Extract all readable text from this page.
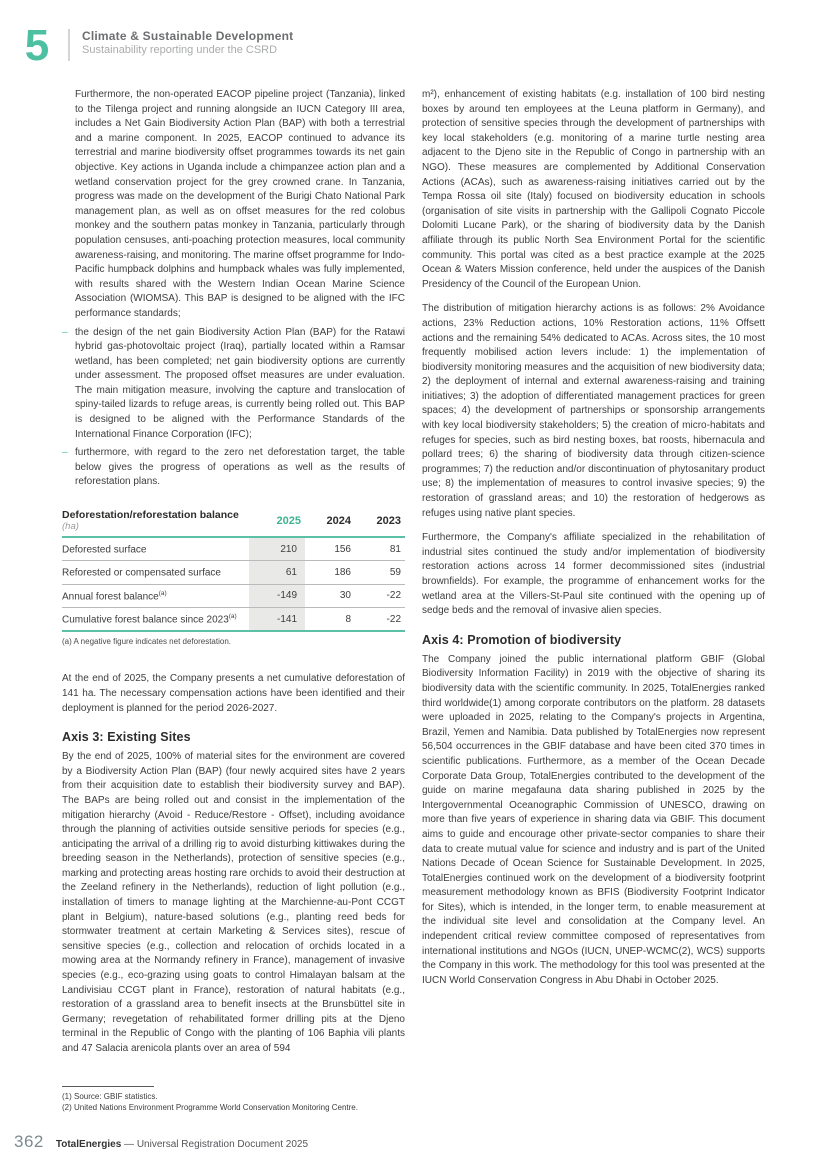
5	Climate & Sustainable Development
Sustainability reporting under the CSRD

Furthermore, the non-operated EACOP pipeline project (Tanzania), linked to the Tilenga project and running alongside an IUCN Category III area, includes a Net Gain Biodiversity Action Plan (BAP) with both a terrestrial and a marine component. In 2025, EACOP continued to advance its terrestrial and marine biodiversity offset programmes towards its net gain objective. Key actions in Uganda include a chimpanzee action plan and a wetland conservation project for the grey crowned crane. In Tanzania, progress was made on the development of the Burigi Chato National Park management plan, as well as on offset measures for the red colobus monkey and the southern patas monkey in Tanzania, particularly through population censuses, anti-poaching protection measures, local community awareness-raising, and monitoring. The marine offset programme for Indo-Pacific humpback dolphins and humpback whales was fully implemented, with results shared with the Western Indian Ocean Marine Science Association (WIOMSA). This BAP is designed to be aligned with the IFC performance standards;

– the design of the net gain Biodiversity Action Plan (BAP) for the Ratawi hybrid gas-photovoltaic project (Iraq), partially located within a Ramsar wetland, has been completed; net gain biodiversity options are currently under assessment. The proposed offset measures are under evaluation. The main mitigation measure, involving the capture and translocation of spiny-tailed lizards to refuge areas, is currently being rolled out. This BAP is designed to be aligned with the Performance Standards of the International Finance Corporation (IFC);

– furthermore, with regard to the zero net deforestation target, the table below gives the progress of operations as well as the results of reforestation plans.

Deforestation/reforestation balance (ha)	2025	2024	2023
Deforested surface	210	156	81
Reforested or compensated surface	61	186	59
Annual forest balance$^{(a)}$	-149	30	-22
Cumulative forest balance since 2023$^{(a)}$	-141	8	-22

(a) A negative figure indicates net deforestation.

At the end of 2025, the Company presents a net cumulative deforestation of 141 ha. The necessary compensation actions have been identified and their deployment is planned for the period 2026-2027.

Axis 3: Existing Sites

By the end of 2025, 100% of material sites for the environment are covered by a Biodiversity Action Plan (BAP) (four newly acquired sites have 2 years from their acquisition date to establish their biodiversity survey and BAP). The BAPs are being rolled out and consist in the implementation of the mitigation hierarchy (Avoid - Reduce/Restore - Offset), including avoidance through the planning of activities outside sensitive periods for species (e.g., anticipating the arrival of a drilling rig to avoid disturbing kittiwakes during the breeding season in the Netherlands), protection of sensitive species (e.g., marking and protecting areas hosting rare orchids to avoid their destruction at the Zeeland refinery in the Netherlands), reduction of light pollution (e.g., installation of timers to manage lighting at the Marchienne-au-Pont CCGT plant in Belgium), nature-based solutions (e.g., planting reed beds for stormwater treatment at certain Marketing & Services sites), rescue of sensitive species (e.g., collection and relocation of orchids located in a mowing area at the Normandy refinery in France), management of invasive species (e.g., eco-grazing using goats to control Himalayan balsam at the Landivisiau CCGT plant in France), restoration of natural habitats (e.g., restoration of a grassland area to benefit insects at the Brunsbüttel site in Germany; revegetation of rehabilitated former drilling pits at the Djeno terminal in the Republic of Congo with the planting of 106 Baphia vili plants and 47 Salacia arenicola plants over an area of 594

m²), enhancement of existing habitats (e.g. installation of 100 bird nesting boxes by around ten employees at the Leuna platform in Germany), and protection of sensitive species through the development of partnerships with key local stakeholders (e.g. monitoring of a marine turtle nesting area adjacent to the Djeno site in the Republic of Congo in partnership with an NGO). These measures are complemented by Additional Conservation Actions (ACAs), such as awareness-raising initiatives carried out by the Tempa Rossa oil site (Italy) focused on biodiversity education in schools (organisation of site visits in partnership with the Gallipoli Cognato Piccole Dolomiti Lucane Park), or the sharing of biodiversity data by the Danish affiliate through its public North Sea Environment Portal for the scientific community. This portal was cited as a best practice example at the 2025 Ocean & Waters Mission conference, held under the auspices of the Danish Presidency of the Council of the European Union.

The distribution of mitigation hierarchy actions is as follows: 2% Avoidance actions, 23% Reduction actions, 10% Restoration actions, 11% Offsett actions and the remaining 54% dedicated to ACAs. Across sites, the 10 most frequently mobilised action levers include: 1) the implementation of biodiversity monitoring measures and the acquisition of new biodiversity data; 2) the deployment of internal and external awareness-raising and training initiatives; 3) the adoption of differentiated management practices for green spaces; 4) the development of partnerships or sponsorship arrangements with key local biodiversity stakeholders; 5) the creation of micro-habitats and refuges for species, such as bird nesting boxes, bat roosts, hibernacula and pollard trees; 6) the sharing of biodiversity data through citizen-science programmes; 7) the reduction and/or discontinuation of phytosanitary product use; 8) the implementation of measures to control invasive species; 9) the restoration of grassland areas; and 10) the restoration of hedgerows as refuges using native plant species.

Furthermore, the Company's affiliate specialized in the rehabilitation of industrial sites continued the study and/or implementation of biodiversity restoration actions across 14 former decommissioned sites (industrial brownfields). For example, the programme of enhancement works for the wetland area at the Villers-St-Paul site continued with the opening up of sedge beds and the removal of invasive alien species.

Axis 4: Promotion of biodiversity

The Company joined the public international platform GBIF (Global Biodiversity Information Facility) in 2019 with the objective of sharing its biodiversity data with the scientific community. In 2025, TotalEnergies ranked third worldwide(1) among corporate contributors on the platform. 28 datasets were uploaded in 2025, relating to the Company's projects in Argentina, Brazil, Yemen and Namibia. Data published by TotalEnergies now represent 56,504 occurrences in the GBIF database and have been cited 370 times in scientific publications. Furthermore, as a member of the Ocean Decade Corporate Data Group, TotalEnergies contributed to the development of the guide on marine megafauna data sharing published in 2025 by the Intergovernmental Oceanographic Commission of UNESCO, drawing on more than five years of experience in sharing data via GBIF. This document aims to guide and encourage other private-sector companies to share their data to create mutual value for science and industry and is part of the United Nations Decade of Ocean Science for Sustainable Development. In 2025, TotalEnergies continued work on the development of a biodiversity footprint measurement methodology known as BFIS (Biodiversity Footprint Indicator for Sites), which is intended, in the longer term, to enable measurement at the individual site level and consolidation at the Company level. An independent critical review committee composed of representatives from international institutions and NGOs (IUCN, UNEP-WCMC(2), WCS) supports the Company in this work. The methodology for this tool was presented at the IUCN World Conservation Congress in Abu Dhabi in October 2025.

(1) Source: GBIF statistics.
(2) United Nations Environment Programme World Conservation Monitoring Centre.
362 TotalEnergies — Universal Registration Document 2025
